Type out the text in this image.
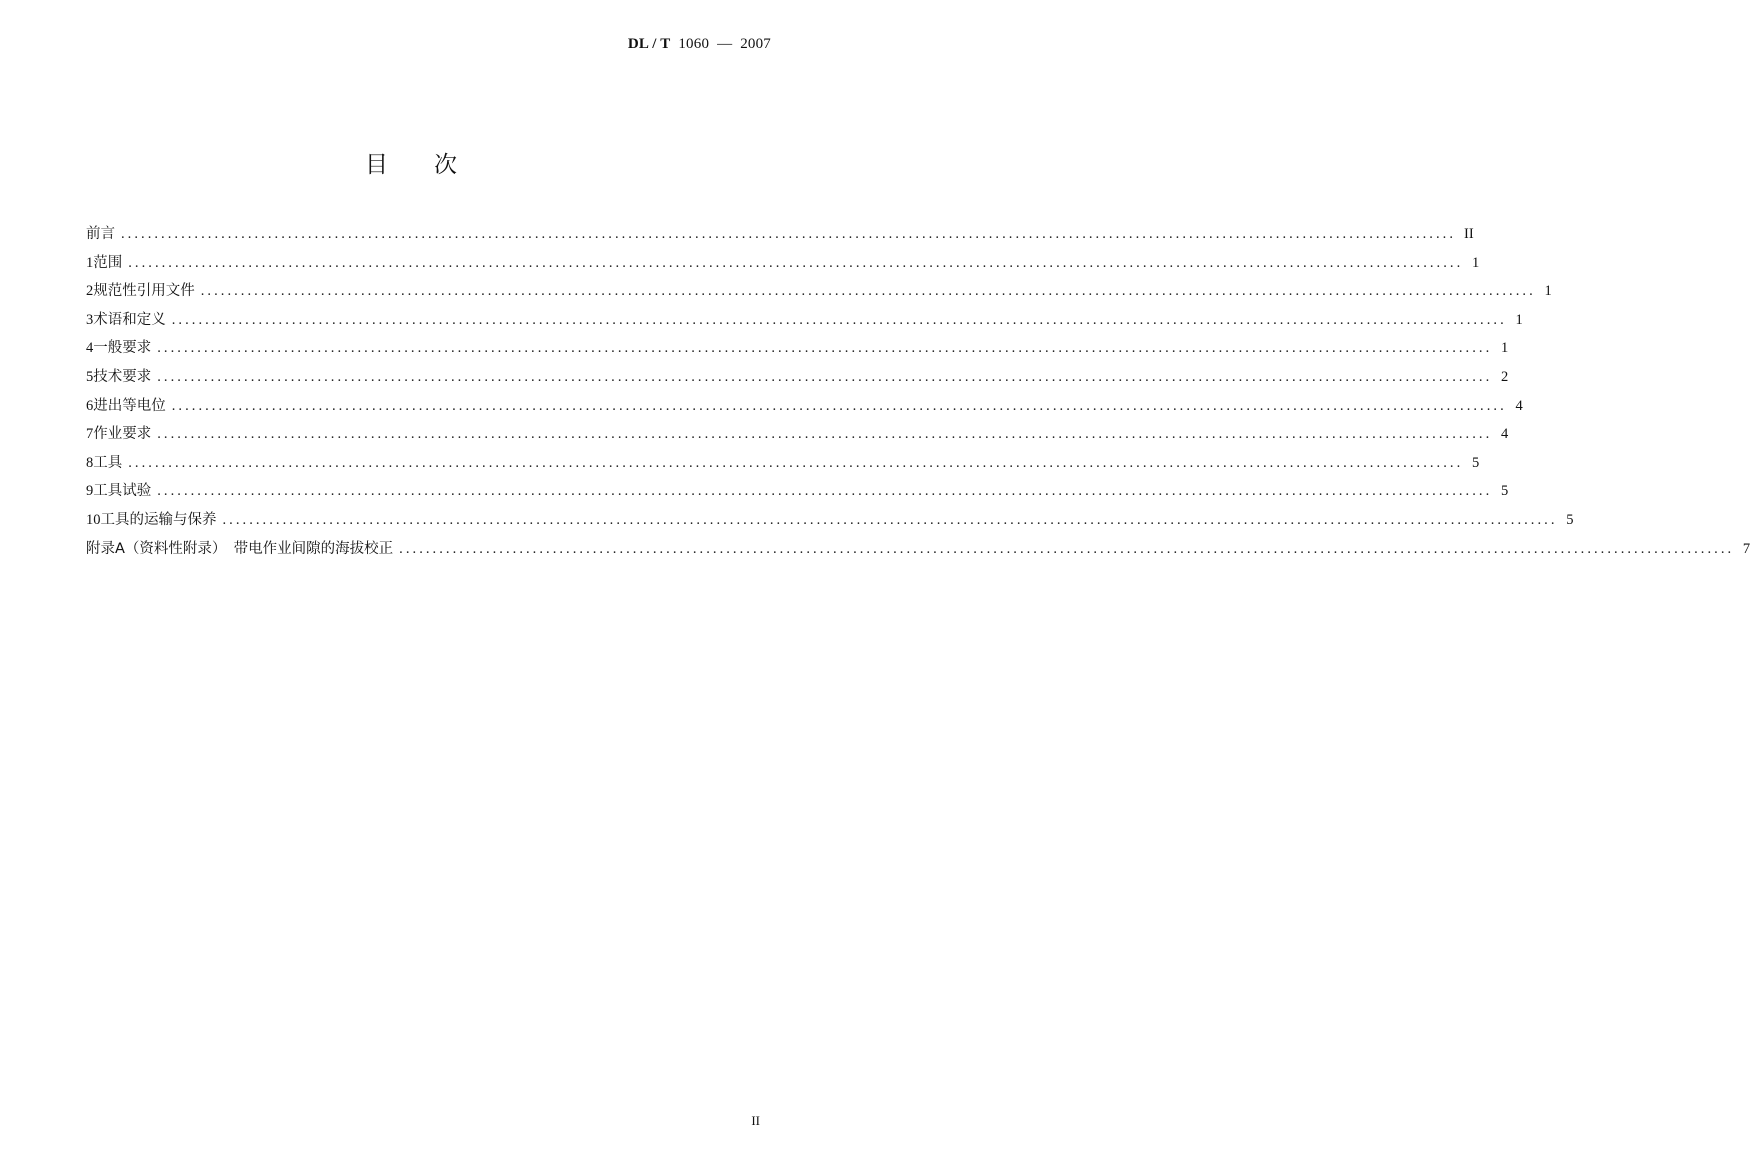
DL / T 1060 — 2007
目 次
前言 ........................................................................................................................................................................................................ II
1 范围 ........................................................................................................................................................................................................ 1
2 规范性引用文件 ........................................................................................................................................................................................................ 1
3 术语和定义 ........................................................................................................................................................................................................ 1
4 一般要求 ........................................................................................................................................................................................................ 1
5 技术要求 ........................................................................................................................................................................................................ 2
6 进出等电位 ........................................................................................................................................................................................................ 4
7 作业要求 ........................................................................................................................................................................................................ 4
8 工具 ........................................................................................................................................................................................................ 5
9 工具试验 ........................................................................................................................................................................................................ 5
10 工具的运输与保养 ........................................................................................................................................................................................................ 5
附录A（资料性附录）　带电作业间隙的海拔校正 ........................................................................................................................................................................................................ 7
II
